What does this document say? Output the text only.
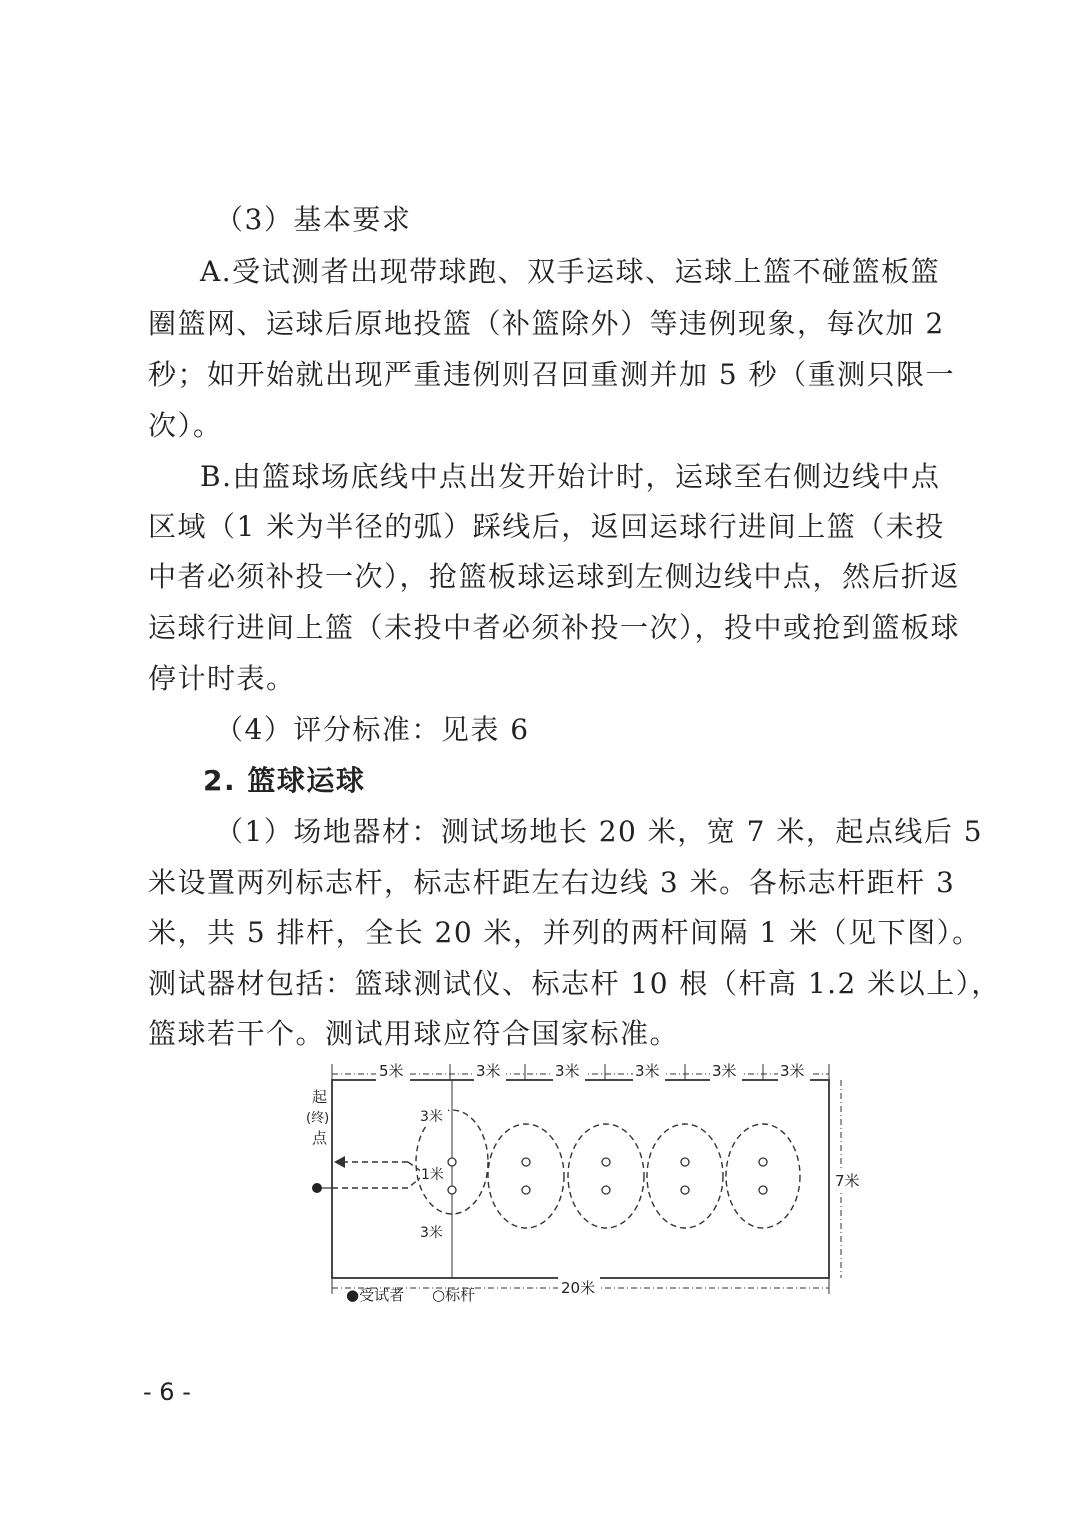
（3）基本要求
A.受试测者出现带球跑、双手运球、运球上篮不碰篮板篮
圈篮网、运球后原地投篮（补篮除外）等违例现象，每次加 2
秒；如开始就出现严重违例则召回重测并加 5 秒（重测只限一
次）。
B.由篮球场底线中点出发开始计时，运球至右侧边线中点
区域（1 米为半径的弧）踩线后，返回运球行进间上篮（未投
中者必须补投一次），抢篮板球运球到左侧边线中点，然后折返
运球行进间上篮（未投中者必须补投一次），投中或抢到篮板球
停计时表。
（4）评分标准：见表 6
2. 篮球运球
（1）场地器材：测试场地长 20 米，宽 7 米，起点线后 5
米设置两列标志杆，标志杆距左右边线 3 米。各标志杆距杆 3
米，共 5 排杆，全长 20 米，并列的两杆间隔 1 米（见下图）。
测试器材包括：篮球测试仪、标志杆 10 根（杆高 1.2 米以上），
篮球若干个。测试用球应符合国家标准。
5米	3米	3米	3米	3米	3米
7米
20米
起
(终)
点
3米
1米
3米
●受试者 ○标杆
- 6 -
